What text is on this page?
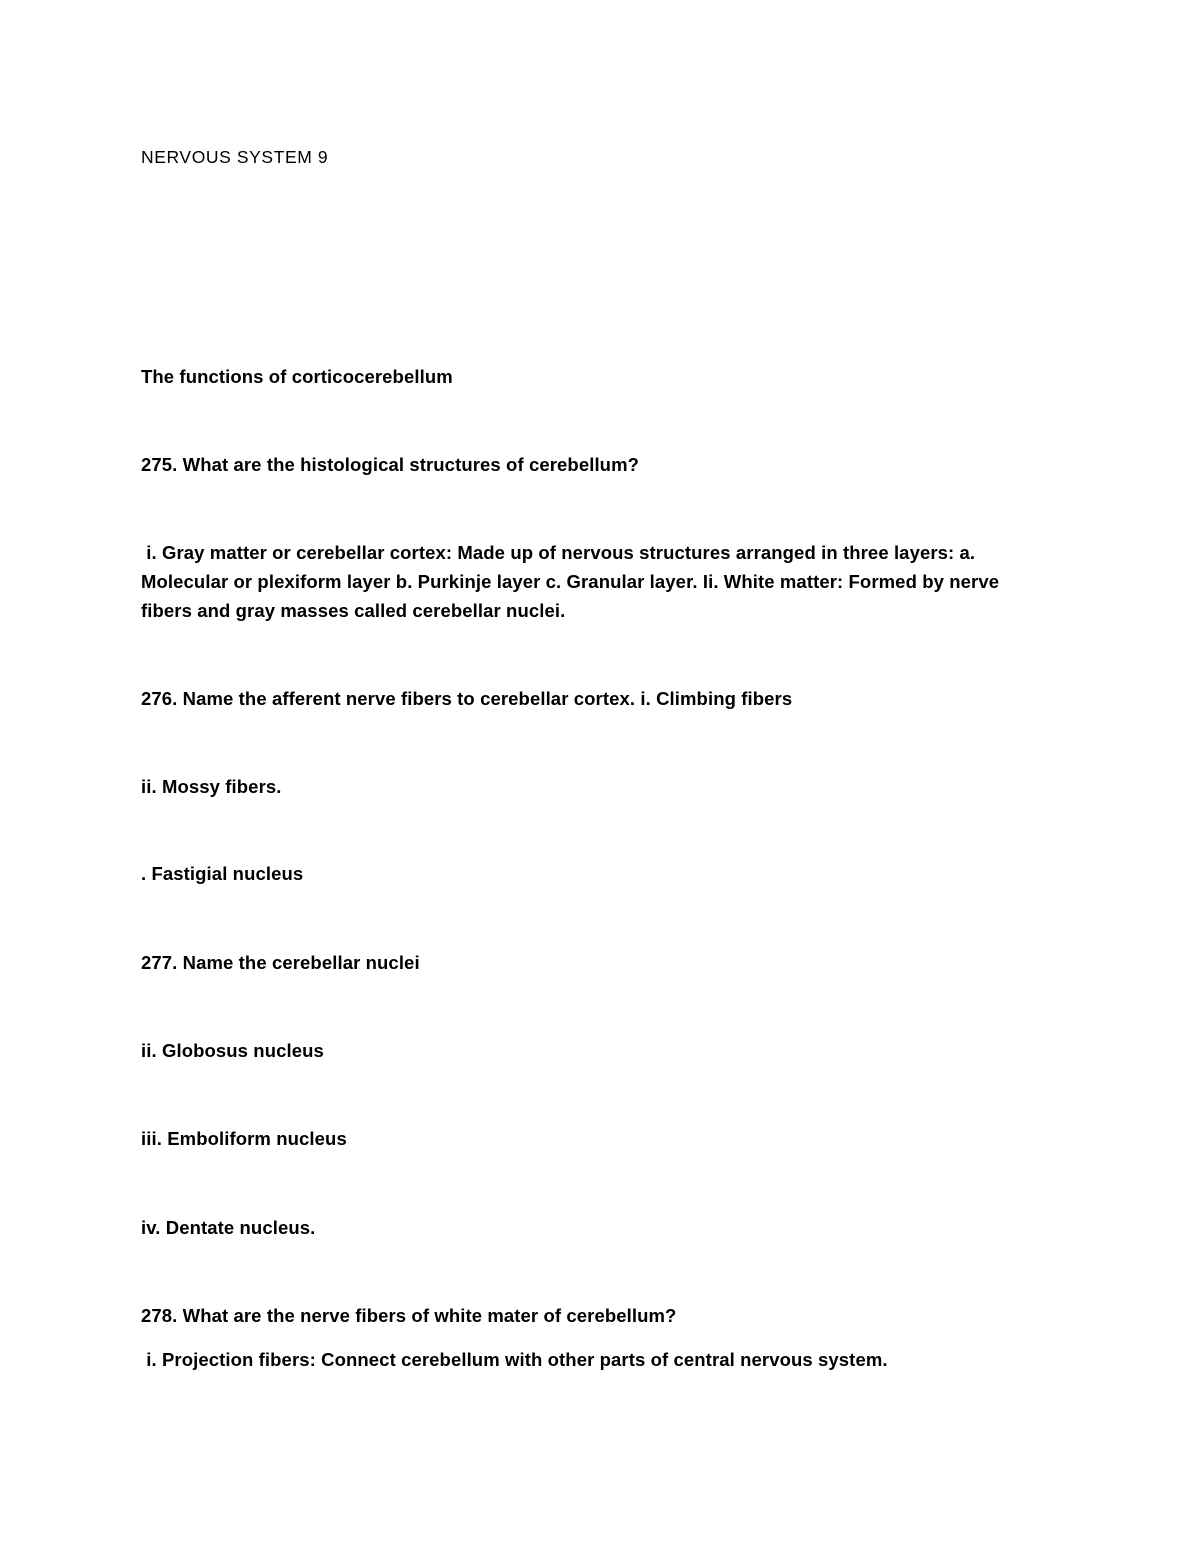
NERVOUS SYSTEM 9
The functions of corticocerebellum
275. What are the histological structures of cerebellum?
i. Gray matter or cerebellar cortex: Made up of nervous structures arranged in three layers: a.
Molecular or plexiform layer b. Purkinje layer c. Granular layer. Ii. White matter: Formed by nerve
fibers and gray masses called cerebellar nuclei.
276. Name the afferent nerve fibers to cerebellar cortex. i. Climbing fibers
ii. Mossy fibers.
. Fastigial nucleus
277. Name the cerebellar nuclei
ii. Globosus nucleus
iii. Emboliform nucleus
iv. Dentate nucleus.
278. What are the nerve fibers of white mater of cerebellum?
i. Projection fibers: Connect cerebellum with other parts of central nervous system.
